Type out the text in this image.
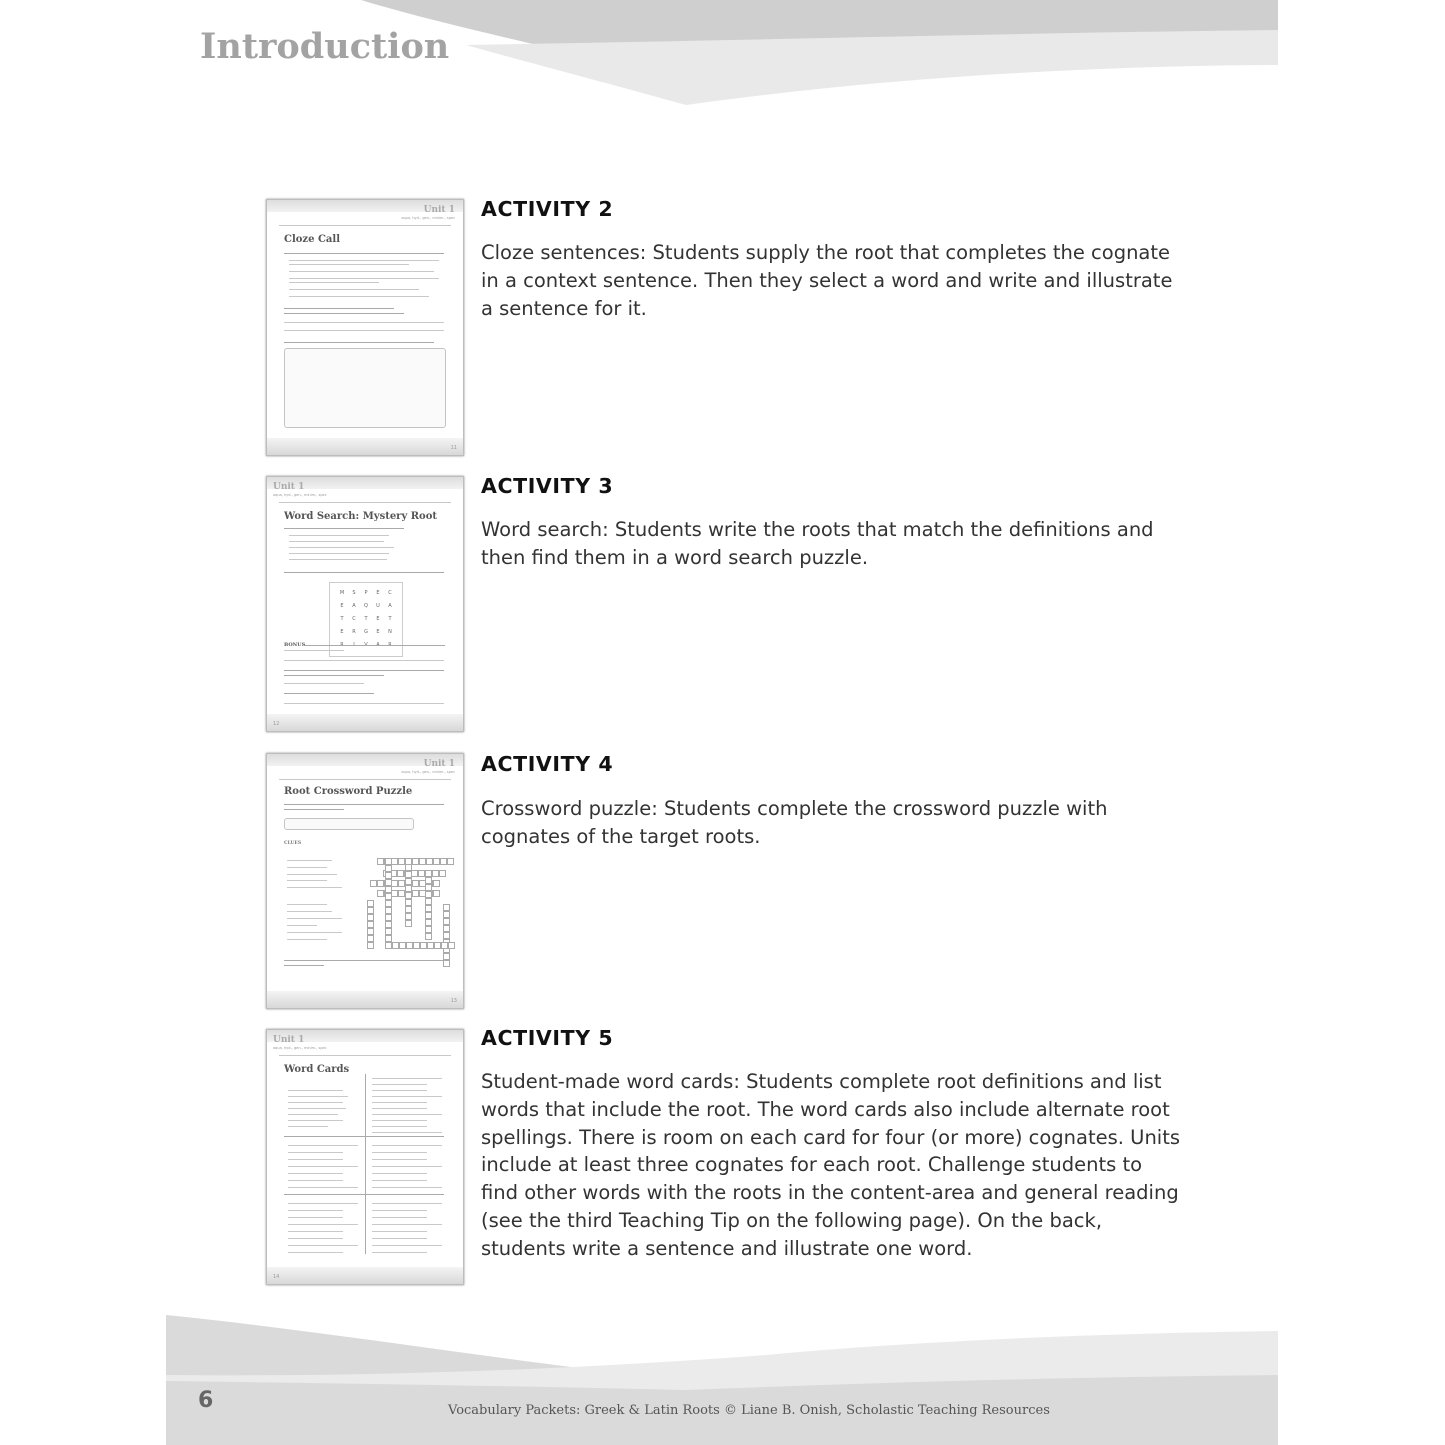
Introduction
Unit 1
aqua, hyd-, gen-, minim-, spec
Cloze Call
11
ACTIVITY 2

Cloze sentences: Students supply the root that completes the cognate in a context sentence. Then they select a word and write and illustrate a sentence for it.

Unit 1
aqua, hyd-, gen-, minim-, spec
Word Search: Mystery Root
M	S	P	E	C
E	A	Q	U	A
T	C	T	E	T
E	R	G	E	N
BONUS
12
ACTIVITY 3

Word search: Students write the roots that match the definitions and then find them in a word search puzzle.

Unit 1
aqua, hyd-, gen-, minim-, spec
Root Crossword Puzzle
CLUES
13
ACTIVITY 4

Crossword puzzle: Students complete the crossword puzzle with cognates of the target roots.

Unit 1
aqua, hyd-, gen-, minim-, spec
Word Cards
14
ACTIVITY 5

Student-made word cards: Students complete root definitions and list words that include the root. The word cards also include alternate root spellings. There is room on each card for four (or more) cognates. Units include at least three cognates for each root. Challenge students to find other words with the roots in the content-area and general reading (see the third Teaching Tip on the following page). On the back, students write a sentence and illustrate one word.

6	Vocabulary Packets: Greek & Latin Roots © Liane B. Onish, Scholastic Teaching Resources
